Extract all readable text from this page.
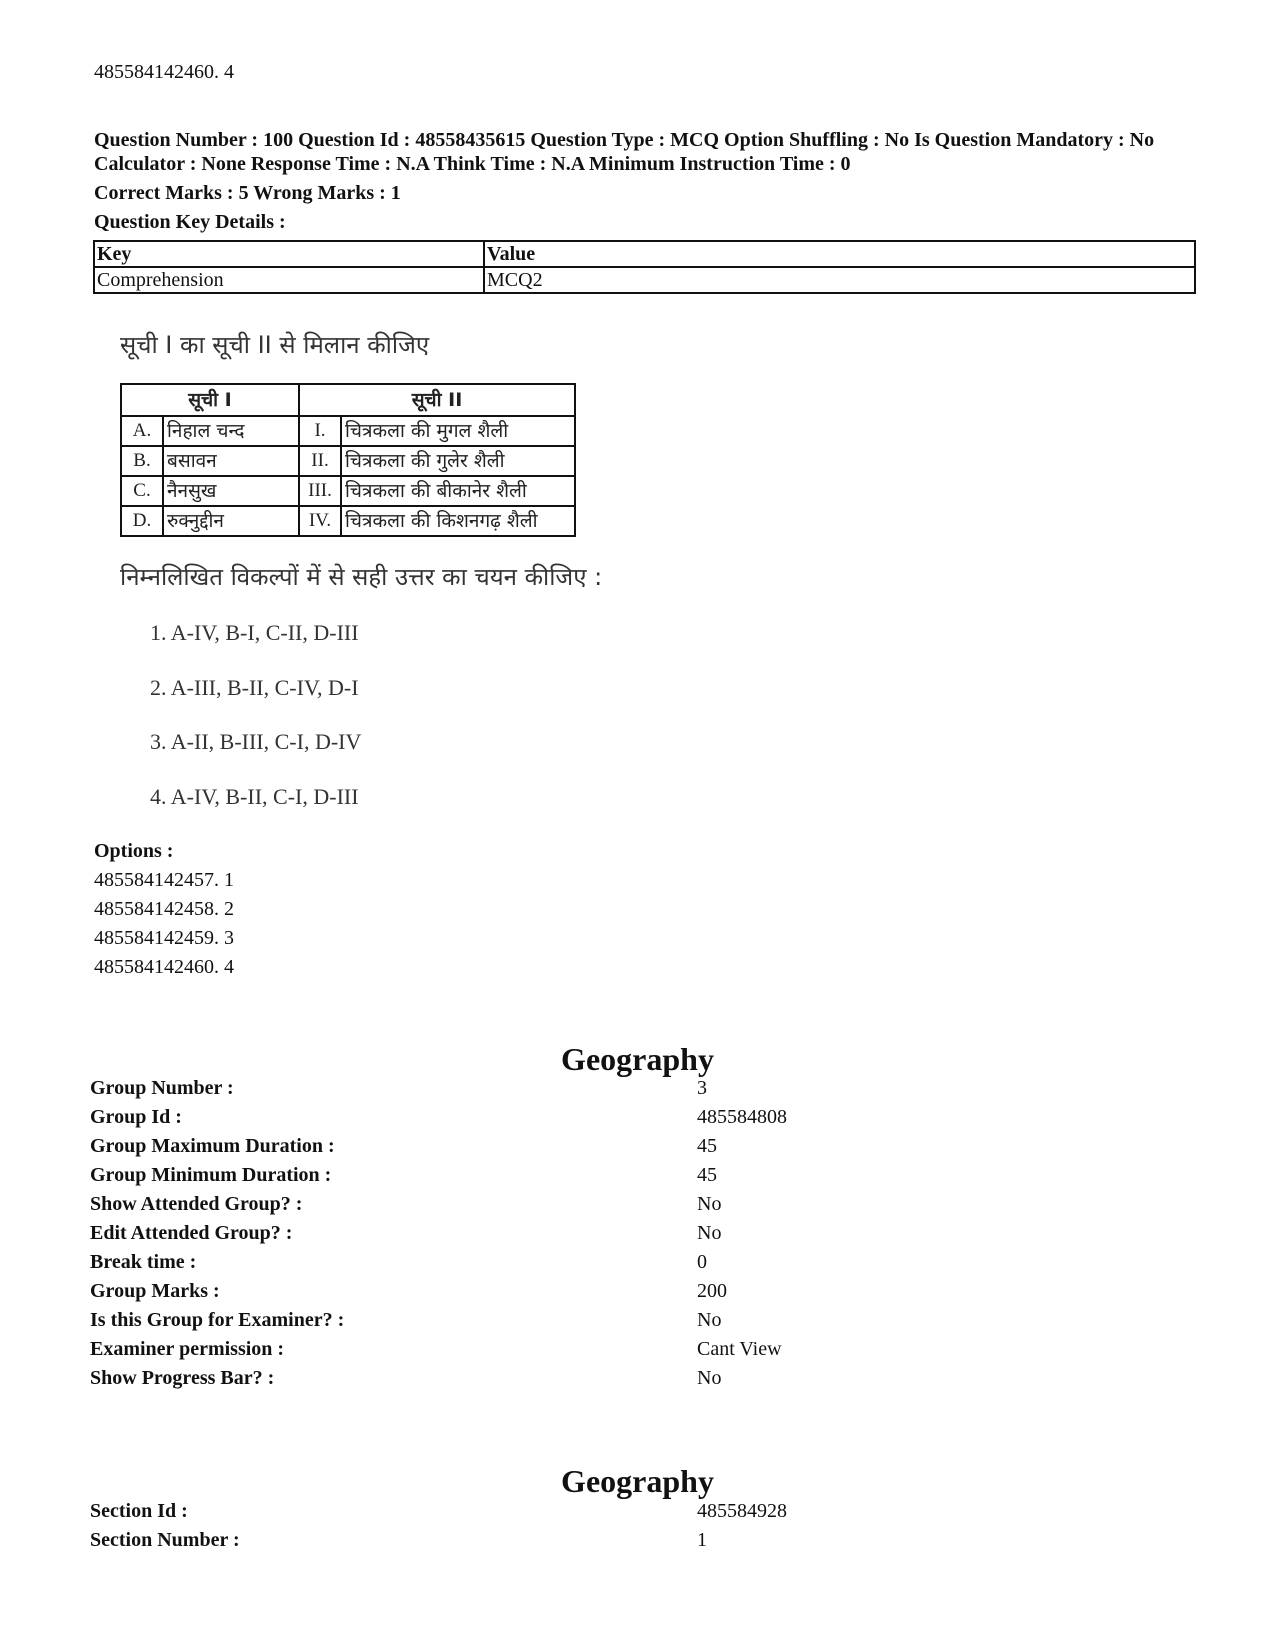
485584142460. 4
Question Number : 100 Question Id : 48558435615 Question Type : MCQ Option Shuffling : No Is Question Mandatory : No Calculator : None Response Time : N.A Think Time : N.A Minimum Instruction Time : 0
Correct Marks : 5 Wrong Marks : 1
Question Key Details :
Key	Value
Comprehension	MCQ2
सूची I का सूची II से मिलान कीजिए
सूची I		सूची II	
A.	निहाल चन्द	I.	चित्रकला की मुगल शैली
B.	बसावन	II.	चित्रकला की गुलेर शैली
C.	नैनसुख	III.	चित्रकला की बीकानेर शैली
D.	रुक्नुद्दीन	IV.	चित्रकला की किशनगढ़ शैली
निम्नलिखित विकल्पों में से सही उत्तर का चयन कीजिए :
1. A-IV, B-I, C-II, D-III
2. A-III, B-II, C-IV, D-I
3. A-II, B-III, C-I, D-IV
4. A-IV, B-II, C-I, D-III
Options :
485584142457. 1
485584142458. 2
485584142459. 3
485584142460. 4
Geography
Group Number :	3
Group Id :	485584808
Group Maximum Duration :	45
Group Minimum Duration :	45
Show Attended Group? :	No
Edit Attended Group? :	No
Break time :	0
Group Marks :	200
Is this Group for Examiner? :	No
Examiner permission :	Cant View
Show Progress Bar? :	No
Geography
Section Id :	485584928
Section Number :	1
